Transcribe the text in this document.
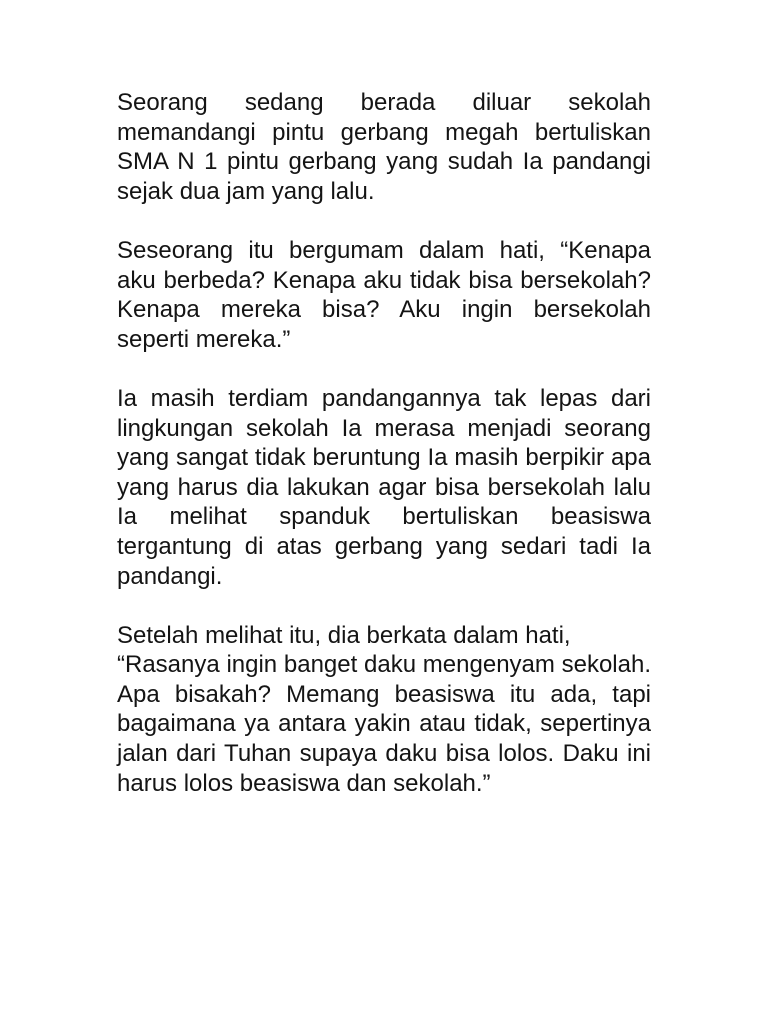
Seorang sedang berada diluar sekolah memandangi pintu gerbang megah bertuliskan SMA N 1 pintu gerbang yang sudah Ia pandangi sejak dua jam yang lalu.

Seseorang itu bergumam dalam hati, “Kenapa aku berbeda? Kenapa aku tidak bisa bersekolah? Kenapa mereka bisa? Aku ingin bersekolah seperti mereka.”

Ia masih terdiam pandangannya tak lepas dari lingkungan sekolah Ia merasa menjadi seorang yang sangat tidak beruntung Ia masih berpikir apa yang harus dia lakukan agar bisa bersekolah lalu Ia melihat spanduk bertuliskan beasiswa tergantung di atas gerbang yang sedari tadi Ia pandangi.

Setelah melihat itu, dia berkata dalam hati,

“Rasanya ingin banget daku mengenyam sekolah. Apa bisakah? Memang beasiswa itu ada, tapi bagaimana ya antara yakin atau tidak, sepertinya jalan dari Tuhan supaya daku bisa lolos. Daku ini harus lolos beasiswa dan sekolah.”
